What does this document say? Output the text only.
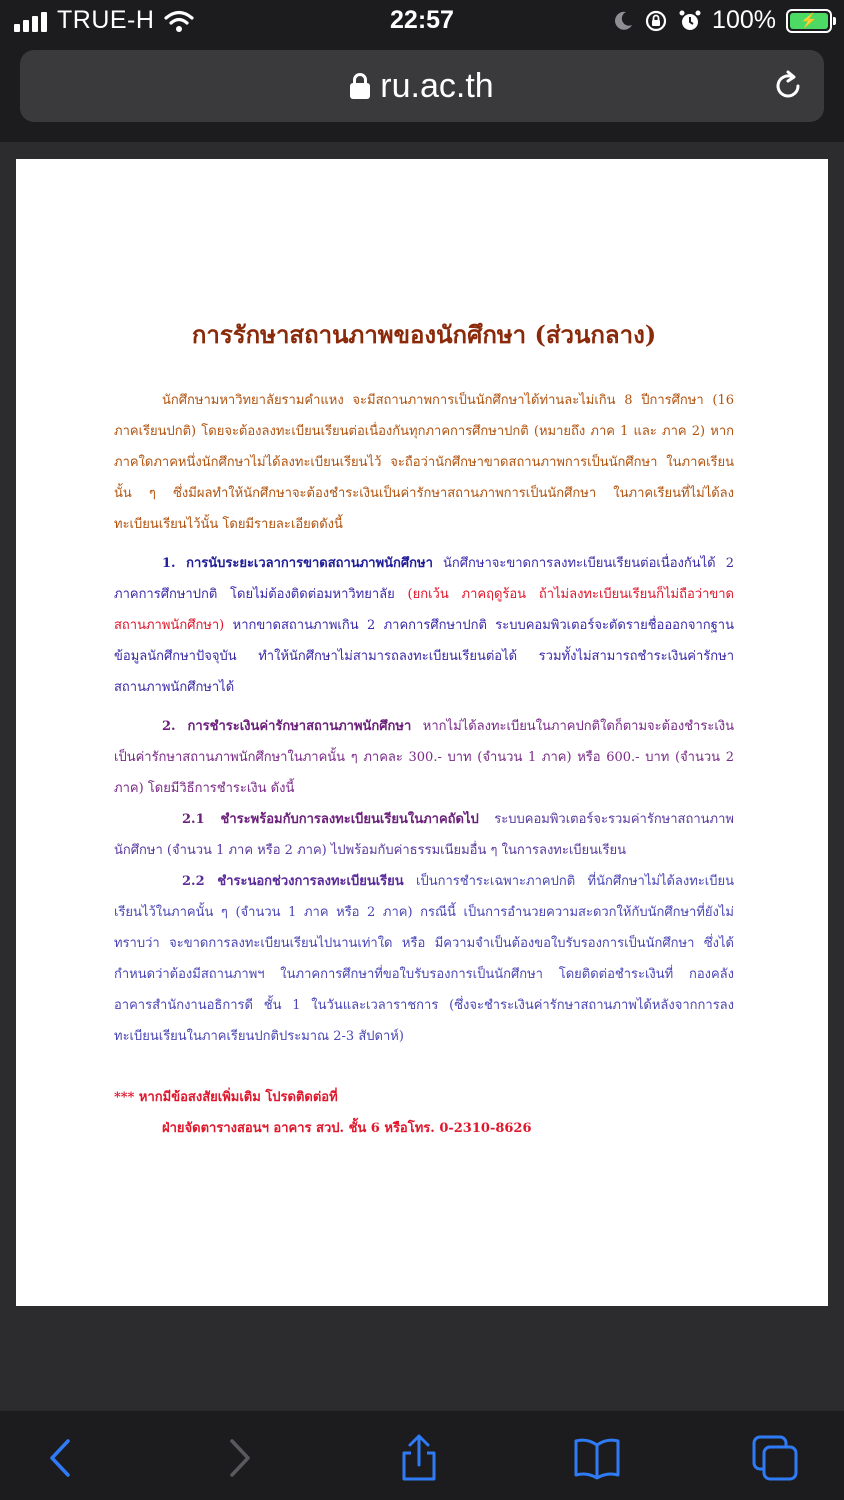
TRUE-H	22:57	100%	⚡
ru.ac.th
การรักษาสถานภาพของนักศึกษา (ส่วนกลาง)

นักศึกษามหาวิทยาลัยรามคำแหง จะมีสถานภาพการเป็นนักศึกษาได้ท่านละไม่เกิน 8 ปีการศึกษา (16 ภาคเรียนปกติ) โดยจะต้องลงทะเบียนเรียนต่อเนื่องกันทุกภาคการศึกษาปกติ (หมายถึง ภาค 1 และ ภาค 2) หากภาคใดภาคหนึ่งนักศึกษาไม่ได้ลงทะเบียนเรียนไว้ จะถือว่านักศึกษาขาดสถานภาพการเป็นนักศึกษา ในภาคเรียนนั้น ๆ ซึ่งมีผลทำให้นักศึกษาจะต้องชำระเงินเป็นค่ารักษาสถานภาพการเป็นนักศึกษา ในภาคเรียนที่ไม่ได้ลงทะเบียนเรียนไว้นั้น โดยมีรายละเอียดดังนี้

1. การนับระยะเวลาการขาดสถานภาพนักศึกษา นักศึกษาจะขาดการลงทะเบียนเรียนต่อเนื่องกันได้ 2 ภาคการศึกษาปกติ โดยไม่ต้องติดต่อมหาวิทยาลัย (ยกเว้น ภาคฤดูร้อน ถ้าไม่ลงทะเบียนเรียนก็ไม่ถือว่าขาดสถานภาพนักศึกษา) หากขาดสถานภาพเกิน 2 ภาคการศึกษาปกติ ระบบคอมพิวเตอร์จะตัดรายชื่อออกจากฐานข้อมูลนักศึกษาปัจจุบัน ทำให้นักศึกษาไม่สามารถลงทะเบียนเรียนต่อได้ รวมทั้งไม่สามารถชำระเงินค่ารักษาสถานภาพนักศึกษาได้

2. การชำระเงินค่ารักษาสถานภาพนักศึกษา หากไม่ได้ลงทะเบียนในภาคปกติใดก็ตามจะต้องชำระเงินเป็นค่ารักษาสถานภาพนักศึกษาในภาคนั้น ๆ ภาคละ 300.- บาท (จำนวน 1 ภาค) หรือ 600.- บาท (จำนวน 2 ภาค) โดยมีวิธีการชำระเงิน ดังนี้

2.1 ชำระพร้อมกับการลงทะเบียนเรียนในภาคถัดไป ระบบคอมพิวเตอร์จะรวมค่ารักษาสถานภาพนักศึกษา (จำนวน 1 ภาค หรือ 2 ภาค) ไปพร้อมกับค่าธรรมเนียมอื่น ๆ ในการลงทะเบียนเรียน

2.2 ชำระนอกช่วงการลงทะเบียนเรียน เป็นการชำระเฉพาะภาคปกติ ที่นักศึกษาไม่ได้ลงทะเบียนเรียนไว้ในภาคนั้น ๆ (จำนวน 1 ภาค หรือ 2 ภาค) กรณีนี้ เป็นการอำนวยความสะดวกให้กับนักศึกษาที่ยังไม่ทราบว่า จะขาดการลงทะเบียนเรียนไปนานเท่าใด หรือ มีความจำเป็นต้องขอใบรับรองการเป็นนักศึกษา ซึ่งได้กำหนดว่าต้องมีสถานภาพฯ ในภาคการศึกษาที่ขอใบรับรองการเป็นนักศึกษา โดยติดต่อชำระเงินที่ กองคลัง อาคารสำนักงานอธิการดี ชั้น 1 ในวันและเวลาราชการ (ซึ่งจะชำระเงินค่ารักษาสถานภาพได้หลังจากการลงทะเบียนเรียนในภาคเรียนปกติประมาณ 2-3 สัปดาห์)

*** หากมีข้อสงสัยเพิ่มเติม โปรดติดต่อที่
ฝ่ายจัดตารางสอนฯ อาคาร สวป. ชั้น 6 หรือโทร. 0-2310-8626
